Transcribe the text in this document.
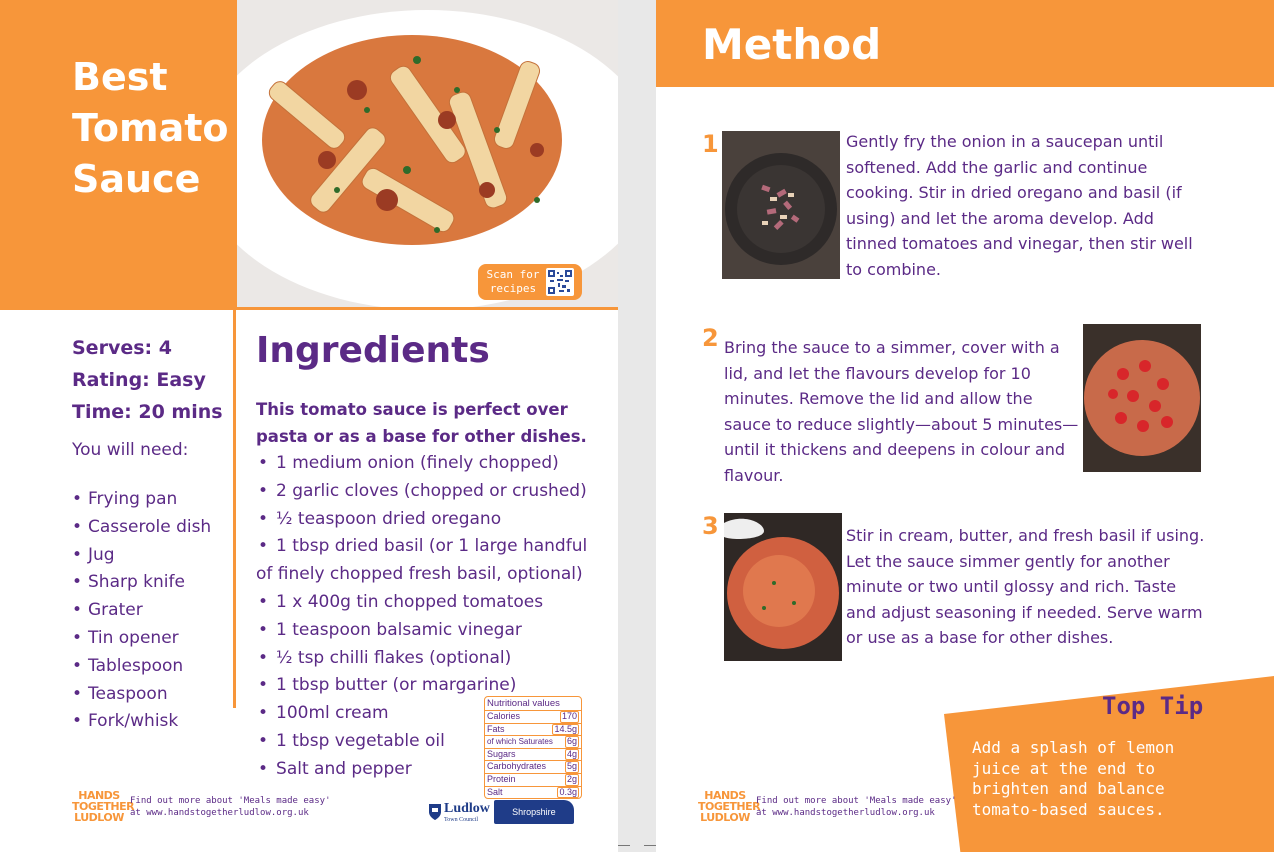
Best
Tomato
Sauce
Scan for
recipes
Serves: 4
Rating: Easy
Time: 20 mins
You will need:
• Frying pan
• Casserole dish
• Jug
• Sharp knife
• Grater
• Tin opener
• Tablespoon
• Teaspoon
• Fork/whisk
Ingredients
This tomato sauce is perfect over pasta or as a base for other dishes.
• 1 medium onion (finely chopped)
• 2 garlic cloves (chopped or crushed)
• ½ teaspoon dried oregano
• 1 tbsp dried basil (or 1 large handful of finely chopped fresh basil, optional)
• 1 x 400g tin chopped tomatoes
• 1 teaspoon balsamic vinegar
• ½ tsp chilli flakes (optional)
• 1 tbsp butter (or margarine)
• 100ml cream
• 1 tbsp vegetable oil
• Salt and pepper
Nutritional values
Calories	170
Fats	14.5g
of which Saturates 6g
Sugars	4g
Carbohydrates 5g
Protein	2g
Salt	0.3g
HANDS
TOGETHER
LUDLOW
Find out more about 'Meals made easy'
at www.handstogetherludlow.org.uk	Ludlow
Town Council
Shropshire
Method
1	Gently fry the onion in a saucepan until softened. Add the garlic and continue cooking. Stir in dried oregano and basil (if using) and let the aroma develop. Add tinned tomatoes and vinegar, then stir well to combine.
2 Bring the sauce to a simmer, cover with a lid, and let the flavours develop for 10 minutes. Remove the lid and allow the sauce to reduce slightly—about 5 minutes—until it thickens and deepens in colour and flavour.
3	Stir in cream, butter, and fresh basil if using. Let the sauce simmer gently for another minute or two until glossy and rich. Taste and adjust seasoning if needed. Serve warm or use as a base for other dishes.
Top Tip
Add a splash of lemon juice at the end to brighten and balance tomato-based sauces.
HANDS
TOGETHER
LUDLOW
Find out more about 'Meals made easy'
at www.handstogetherludlow.org.uk
